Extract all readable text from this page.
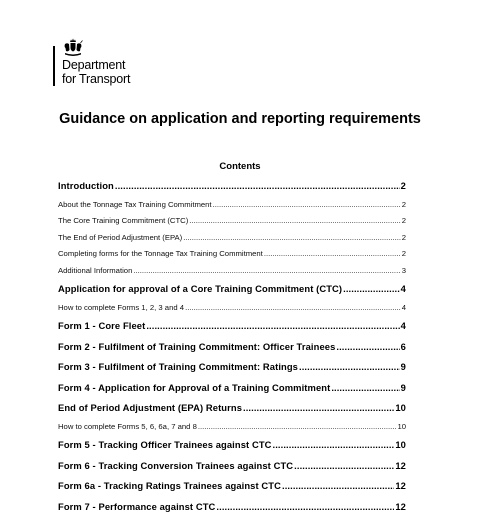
Department
for Transport
Guidance on application and reporting requirements
Contents
Introduction .....	2
About the Tonnage Tax Training Commitment .....	2
The Core Training Commitment (CTC) .....	2
The End of Period Adjustment (EPA) .....	2
Completing forms for the Tonnage Tax Training Commitment .....	2
Additional Information .....	3
Application for approval of a Core Training Commitment (CTC) .....	4
How to complete Forms 1, 2, 3 and 4 .....	4
Form 1 - Core Fleet .....	4
Form 2 - Fulfilment of Training Commitment: Officer Trainees .....	6
Form 3 - Fulfilment of Training Commitment: Ratings .....	9
Form 4 - Application for Approval of a Training Commitment .....	9
End of Period Adjustment (EPA) Returns .....	10
How to complete Forms 5, 6, 6a, 7 and 8 .....	10
Form 5 - Tracking Officer Trainees against CTC .....	10
Form 6 - Tracking Conversion Trainees against CTC .....	12
Form 6a - Tracking Ratings Trainees against CTC .....	12
Form 7 - Performance against CTC .....	12
